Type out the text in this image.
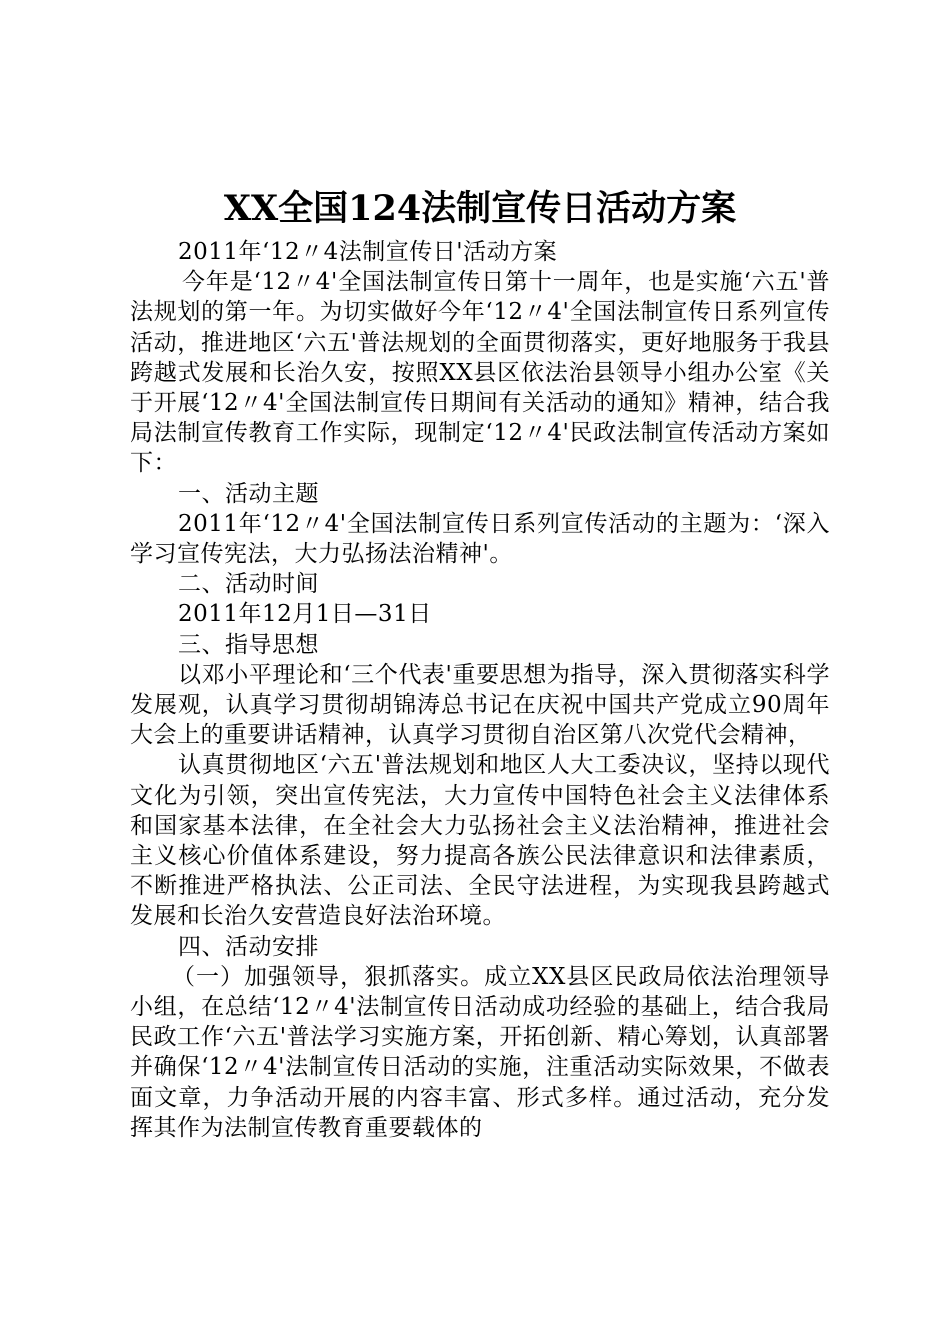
XX全国124法制宣传日活动方案

2011年‘12〃4法制宣传日'活动方案

今年是‘12〃4'全国法制宣传日第十一周年，也是实施‘六五'普法规划的第一年。为切实做好今年‘12〃4'全国法制宣传日系列宣传活动，推进地区‘六五'普法规划的全面贯彻落实，更好地服务于我县跨越式发展和长治久安，按照XX县区依法治县领导小组办公室《关于开展‘12〃4'全国法制宣传日期间有关活动的通知》精神，结合我局法制宣传教育工作实际，现制定‘12〃4'民政法制宣传活动方案如下：

一、活动主题

2011年‘12〃4'全国法制宣传日系列宣传活动的主题为：‘深入学习宣传宪法，大力弘扬法治精神'。

二、活动时间

2011年12月1日—31日

三、指导思想

以邓小平理论和‘三个代表'重要思想为指导，深入贯彻落实科学发展观，认真学习贯彻胡锦涛总书记在庆祝中国共产党成立90周年大会上的重要讲话精神，认真学习贯彻自治区第八次党代会精神，

认真贯彻地区‘六五'普法规划和地区人大工委决议，坚持以现代文化为引领，突出宣传宪法，大力宣传中国特色社会主义法律体系和国家基本法律，在全社会大力弘扬社会主义法治精神，推进社会主义核心价值体系建设，努力提高各族公民法律意识和法律素质，不断推进严格执法、公正司法、全民守法进程，为实现我县跨越式发展和长治久安营造良好法治环境。

四、活动安排

（一）加强领导，狠抓落实。成立XX县区民政局依法治理领导小组，在总结‘12〃4'法制宣传日活动成功经验的基础上，结合我局民政工作‘六五'普法学习实施方案，开拓创新、精心筹划，认真部署并确保‘12〃4'法制宣传日活动的实施，注重活动实际效果，不做表面文章，力争活动开展的内容丰富、形式多样。通过活动，充分发挥其作为法制宣传教育重要载体的
